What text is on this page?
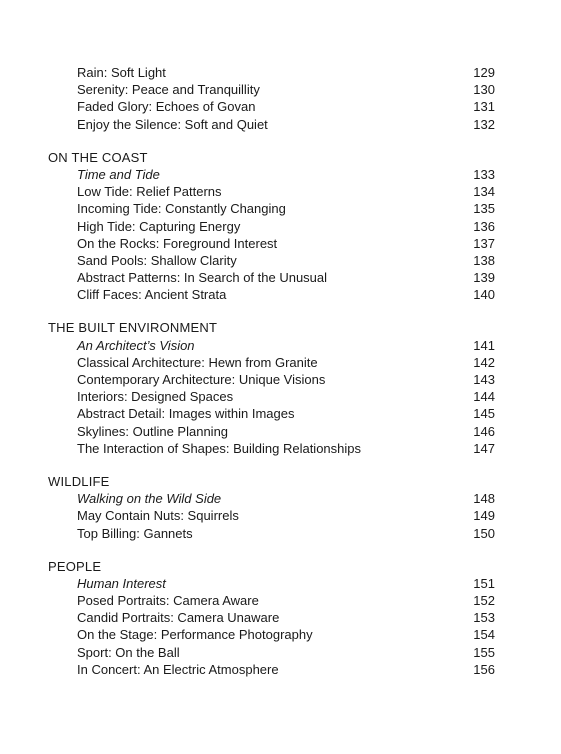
Rain: Soft Light	129
Serenity: Peace and Tranquillity	130
Faded Glory: Echoes of Govan	131
Enjoy the Silence: Soft and Quiet	132
ON THE COAST
Time and Tide	133
Low Tide: Relief Patterns	134
Incoming Tide: Constantly Changing	135
High Tide: Capturing Energy	136
On the Rocks: Foreground Interest	137
Sand Pools: Shallow Clarity	138
Abstract Patterns: In Search of the Unusual	139
Cliff Faces: Ancient Strata	140
THE BUILT ENVIRONMENT
An Architect’s Vision	141
Classical Architecture: Hewn from Granite	142
Contemporary Architecture: Unique Visions	143
Interiors: Designed Spaces	144
Abstract Detail: Images within Images	145
Skylines: Outline Planning	146
The Interaction of Shapes: Building Relationships	147
WILDLIFE
Walking on the Wild Side	148
May Contain Nuts: Squirrels	149
Top Billing: Gannets	150
PEOPLE
Human Interest	151
Posed Portraits: Camera Aware	152
Candid Portraits: Camera Unaware	153
On the Stage: Performance Photography	154
Sport: On the Ball	155
In Concert: An Electric Atmosphere	156
